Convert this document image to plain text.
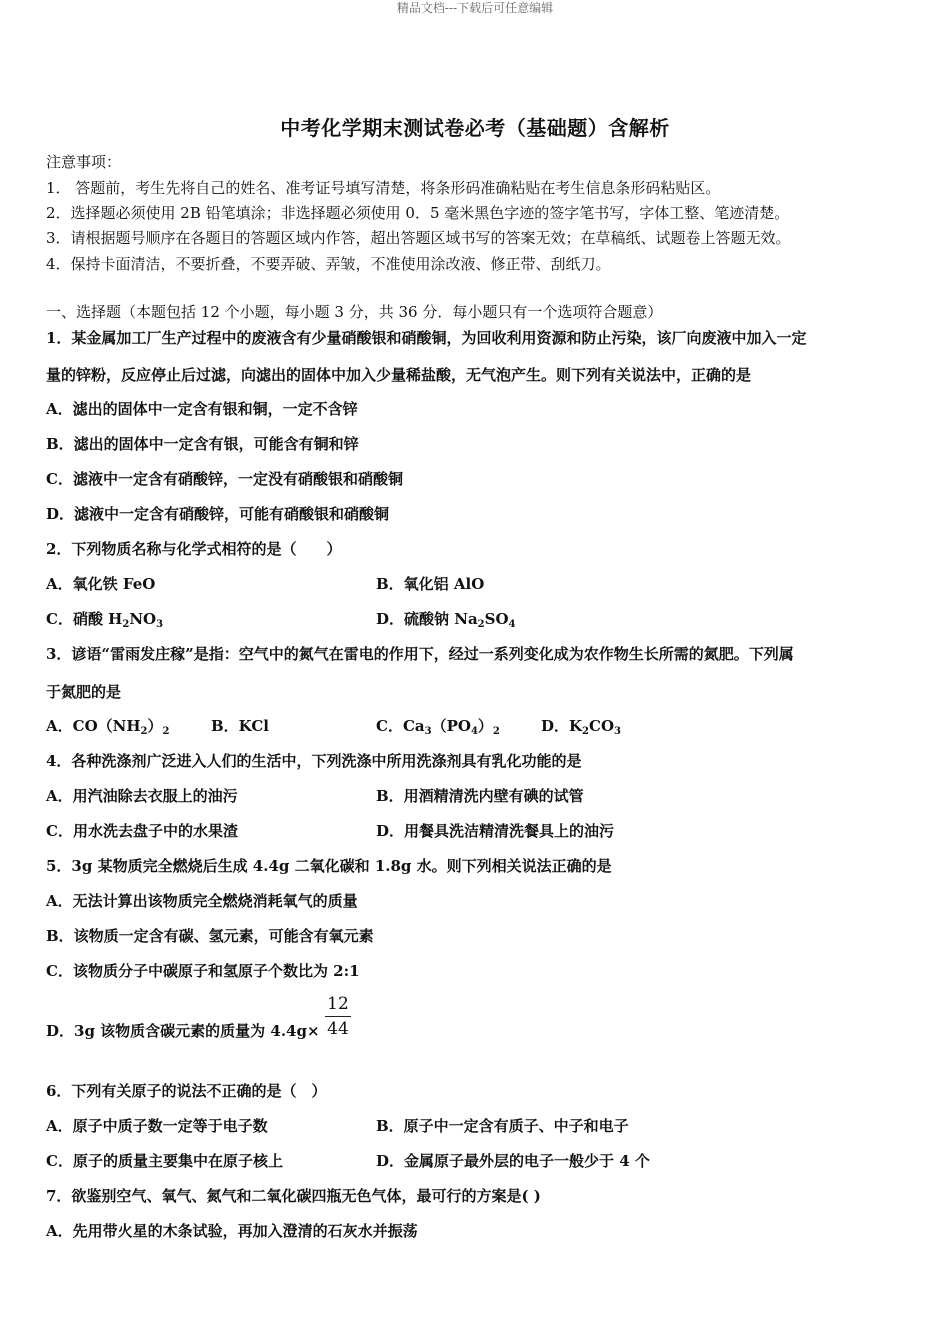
精品文档---下载后可任意编辑
中考化学期末测试卷必考（基础题）含解析
注意事项：
1． 答题前，考生先将自己的姓名、准考证号填写清楚，将条形码准确粘贴在考生信息条形码粘贴区。
2．选择题必须使用 2B 铅笔填涂；非选择题必须使用 0．5 毫米黑色字迹的签字笔书写，字体工整、笔迹清楚。
3．请根据题号顺序在各题目的答题区域内作答，超出答题区域书写的答案无效；在草稿纸、试题卷上答题无效。
4．保持卡面清洁，不要折叠，不要弄破、弄皱，不准使用涂改液、修正带、刮纸刀。
一、选择题（本题包括 12 个小题，每小题 3 分，共 36 分．每小题只有一个选项符合题意）
1．某金属加工厂生产过程中的废液含有少量硝酸银和硝酸铜，为回收利用资源和防止污染，该厂向废液中加入一定
量的锌粉，反应停止后过滤，向滤出的固体中加入少量稀盐酸，无气泡产生。则下列有关说法中，正确的是
A．滤出的固体中一定含有银和铜，一定不含锌
B．滤出的固体中一定含有银，可能含有铜和锌
C．滤液中一定含有硝酸锌，一定没有硝酸银和硝酸铜
D．滤液中一定含有硝酸锌，可能有硝酸银和硝酸铜
2．下列物质名称与化学式相符的是（　　）
A．氧化铁 FeO	B．氧化铝 AlO
C．硝酸 $H_2NO_3$	D．硫酸钠 $Na_2SO_4$
3．谚语“雷雨发庄稼”是指：空气中的氮气在雷电的作用下，经过一系列变化成为农作物生长所需的氮肥。下列属
于氮肥的是
A．$CO(NH_2)_2$	B．KCl	C．$Ca_3(PO_4)_2$	D．$K_2CO_3$
4．各种洗涤剂广泛进入人们的生活中，下列洗涤中所用洗涤剂具有乳化功能的是
A．用汽油除去衣服上的油污	B．用酒精清洗内壁有碘的试管
C．用水洗去盘子中的水果渣	D．用餐具洗洁精清洗餐具上的油污
5．3g 某物质完全燃烧后生成 4.4g 二氧化碳和 1.8g 水。则下列相关说法正确的是
A．无法计算出该物质完全燃烧消耗氧气的质量
B．该物质一定含有碳、氢元素，可能含有氧元素
C．该物质分子中碳原子和氢原子个数比为 2:1
D．3g 该物质含碳元素的质量为 4.4g×
12
44
6．下列有关原子的说法不正确的是（　）
A．原子中质子数一定等于电子数	B．原子中一定含有质子、中子和电子
C．原子的质量主要集中在原子核上	D．金属原子最外层的电子一般少于 4 个
7．欲鉴别空气、氧气、氮气和二氧化碳四瓶无色气体，最可行的方案是( )
A．先用带火星的木条试验，再加入澄清的石灰水并振荡
